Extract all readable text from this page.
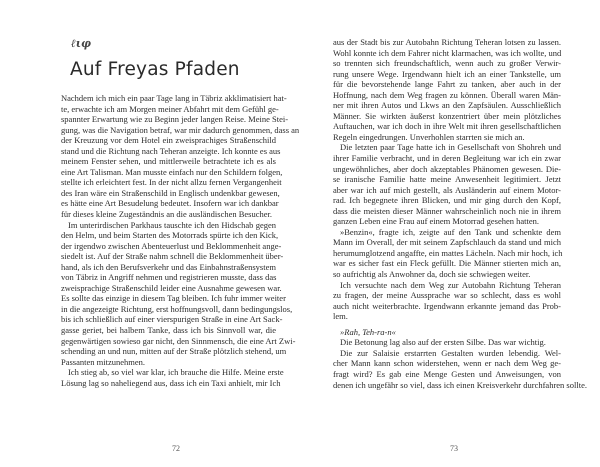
ℓιφ
Auf Freyas Pfaden
Nachdem ich mich ein paar Tage lang in Täbriz akklimatisiert hat-
te, erwachte ich am Morgen meiner Abfahrt mit dem Gefühl ge-
spannter Erwartung wie zu Beginn jeder langen Reise. Meine Stei-
gung, was die Navigation betraf, war mir dadurch genommen, dass an
der Kreuzung vor dem Hotel ein zweisprachiges Straßenschild
stand und die Richtung nach Teheran anzeigte. Ich konnte es aus
meinem Fenster sehen, und mittlerweile betrachtete ich es als
eine Art Talisman. Man musste einfach nur den Schildern folgen,
stellte ich erleichtert fest. In der nicht allzu fernen Vergangenheit
des Iran wäre ein Straßenschild in Englisch undenkbar gewesen,
es hätte eine Art Besudelung bedeutet. Insofern war ich dankbar
für dieses kleine Zugeständnis an die ausländischen Besucher.
Im unterirdischen Parkhaus tauschte ich den Hidschab gegen
den Helm, und beim Starten des Motorrads spürte ich den Kick,
der irgendwo zwischen Abenteuerlust und Beklommenheit ange-
siedelt ist. Auf der Straße nahm schnell die Beklommenheit über-
hand, als ich den Berufsverkehr und das Einbahnstraßensystem
von Täbriz in Angriff nehmen und registrieren musste, dass das
zweisprachige Straßenschild leider eine Ausnahme gewesen war.
Es sollte das einzige in diesem Tag bleiben. Ich fuhr immer weiter
in die angezeigte Richtung, erst hoffnungsvoll, dann bedingungslos,
bis ich schließlich auf einer vierspurigen Straße in eine Art Sack-
gasse geriet, bei halbem Tanke, dass ich bis Sinnvoll war, die
gegenwärtigen sowieso gar nicht, den Sinnmensch, die eine Art Zwi-
schending an und nun, mitten auf der Straße plötzlich stehend, um
Passanten mitzunehmen.
Ich stieg ab, so viel war klar, ich brauche die Hilfe. Meine erste
Lösung lag so naheliegend aus, dass ich ein Taxi anhielt, mir Ich
72
aus der Stadt bis zur Autobahn Richtung Teheran lotsen zu lassen.
Wohl konnte ich dem Fahrer nicht klarmachen, was ich wollte, und
so trennten sich freundschaftlich, wenn auch zu großer Verwir-
rung unsere Wege. Irgendwann hielt ich an einer Tankstelle, um
für die bevorstehende lange Fahrt zu tanken, aber auch in der
Hoffnung, nach dem Weg fragen zu können. Überall waren Män-
ner mit ihren Autos und Lkws an den Zapfsäulen. Ausschließlich
Männer. Sie wirkten äußerst konzentriert über mein plötzliches
Auftauchen, war ich doch in ihre Welt mit ihren gesellschaftlichen
Regeln eingedrungen. Unverhohlen starrten sie mich an.
Die letzten paar Tage hatte ich in Gesellschaft von Shohreh und
ihrer Familie verbracht, und in deren Begleitung war ich ein zwar
ungewöhnliches, aber doch akzeptables Phänomen gewesen. Die-
se iranische Familie hatte meine Anwesenheit legitimiert. Jetzt
aber war ich auf mich gestellt, als Ausländerin auf einem Motor-
rad. Ich begegnete ihren Blicken, und mir ging durch den Kopf,
dass die meisten dieser Männer wahrscheinlich noch nie in ihrem
ganzen Leben eine Frau auf einem Motorrad gesehen hatten.
»Benzin«, fragte ich, zeigte auf den Tank und schenkte dem
Mann im Overall, der mit seinem Zapfschlauch da stand und mich
herumumglotzend angaffte, ein mattes Lächeln. Nach mir hoch, ich
war es sicher fast ein Fleck gefüllt. Die Männer stierten mich an,
so aufrichtig als Anwohner da, doch sie schwiegen weiter.
Ich versuchte nach dem Weg zur Autobahn Richtung Teheran
zu fragen, der meine Aussprache war so schlecht, dass es wohl
auch nicht weiterbrachte. Irgendwann erkannte jemand das Prob-
lem.
»Rah, Teh-ra-n«
Die Betonung lag also auf der ersten Silbe. Das war wichtig.
Die zur Salaisie erstarrten Gestalten wurden lebendig. Wel-
cher Mann kann schon widerstehen, wenn er nach dem Weg ge-
fragt wird? Es gab eine Menge Gesten und Anweisungen, von
denen ich ungefähr so viel, dass ich einen Kreisverkehr durchfahren sollte.
73
